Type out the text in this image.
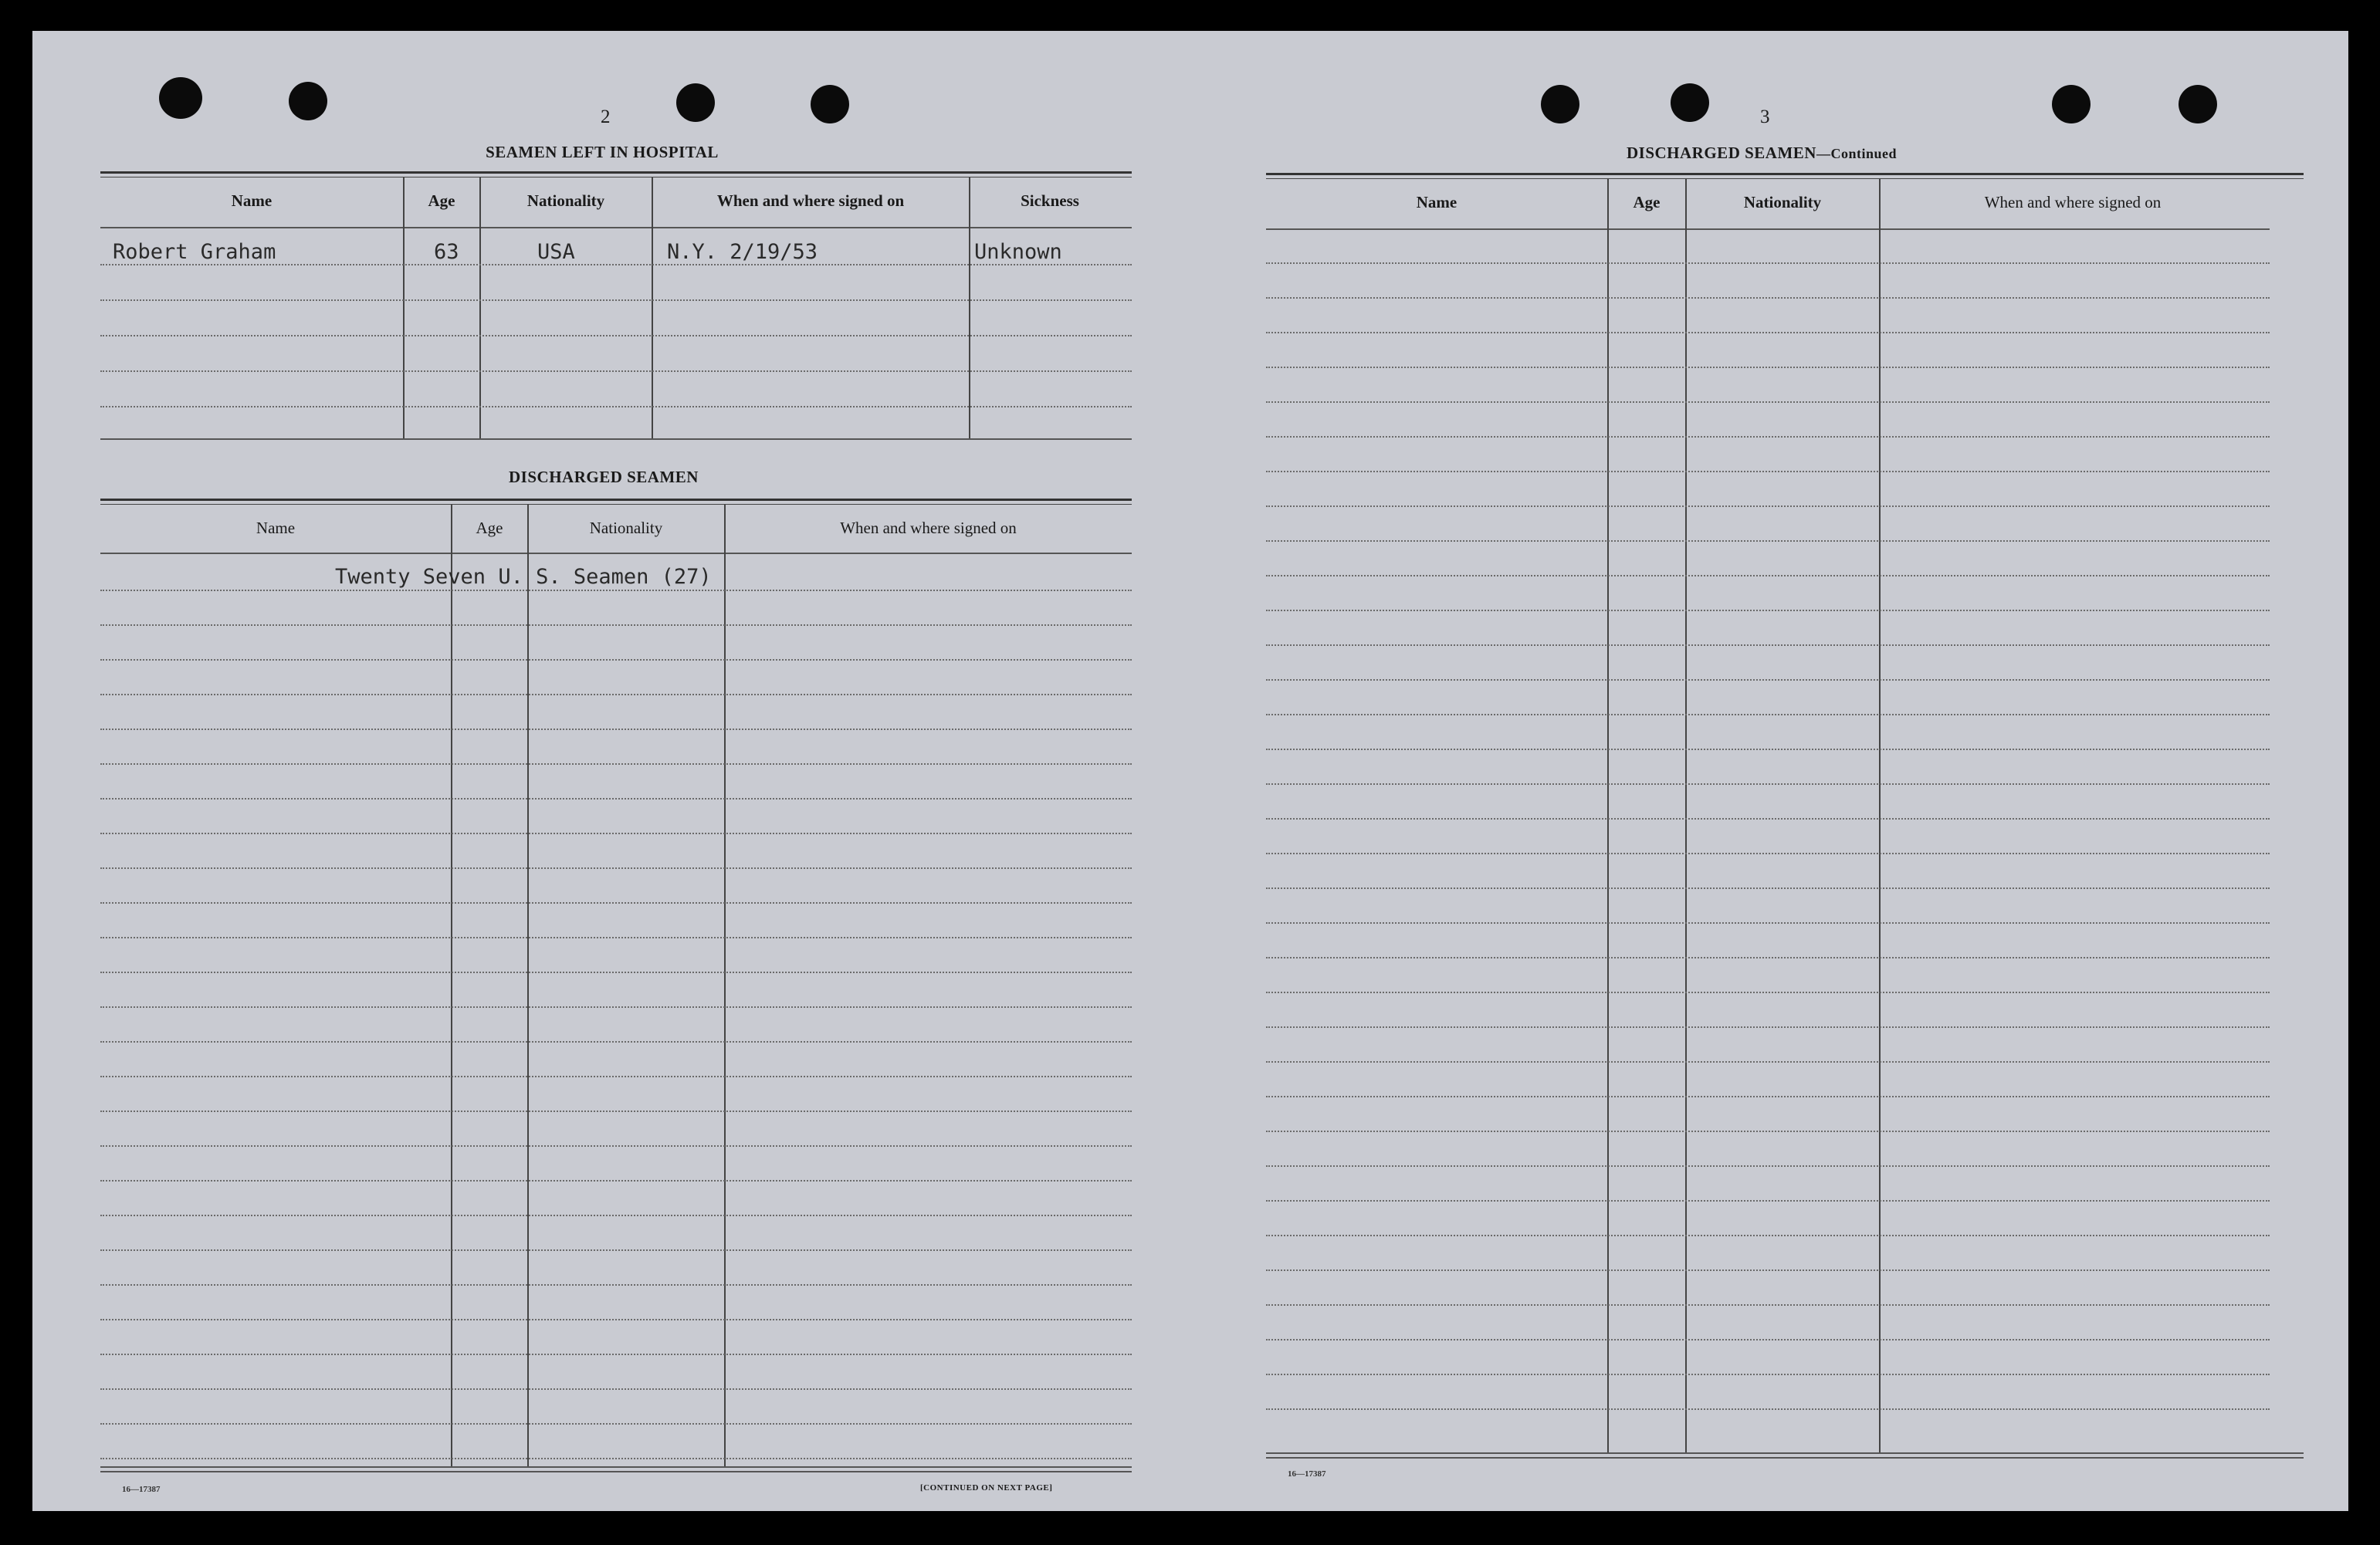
2
SEAMEN LEFT IN HOSPITAL
Name	Age	Nationality	When and where signed on	Sickness
Robert Graham	63	USA	N.Y. 2/19/53	Unknown
DISCHARGED SEAMEN
Name	Age	Nationality	When and where signed on
Twenty Seven U. S. Seamen (27)
16—17387	[CONTINUED ON NEXT PAGE]
3
DISCHARGED SEAMEN—Continued
Name	Age	Nationality	When and where signed on
16—17387
